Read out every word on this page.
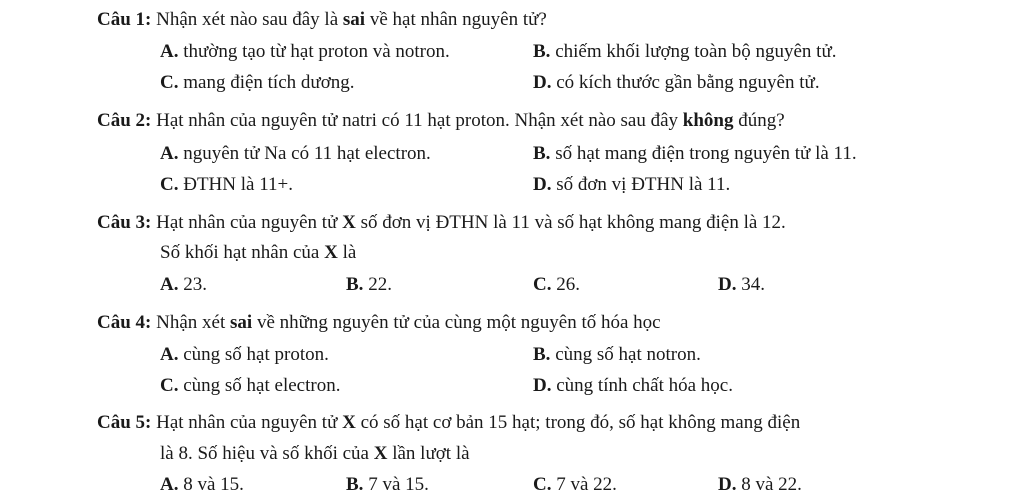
Câu 1: Nhận xét nào sau đây là sai về hạt nhân nguyên tử?
A. thường tạo từ hạt proton và notron.	B. chiếm khối lượng toàn bộ nguyên tử.
C. mang điện tích dương.	D. có kích thước gần bằng nguyên tử.
Câu 2: Hạt nhân của nguyên tử natri có 11 hạt proton. Nhận xét nào sau đây không đúng?
A. nguyên tử Na có 11 hạt electron.	B. số hạt mang điện trong nguyên tử là 11.
C. ĐTHN là 11+.	D. số đơn vị ĐTHN là 11.
Câu 3: Hạt nhân của nguyên tử X số đơn vị ĐTHN là 11 và số hạt không mang điện là 12.
Số khối hạt nhân của X là
A. 23.	B. 22.	C. 26.	D. 34.
Câu 4: Nhận xét sai về những nguyên tử của cùng một nguyên tố hóa học
A. cùng số hạt proton.	B. cùng số hạt notron.
C. cùng số hạt electron.	D. cùng tính chất hóa học.
Câu 5: Hạt nhân của nguyên tử X có số hạt cơ bản 15 hạt; trong đó, số hạt không mang điện
là 8. Số hiệu và số khối của X lần lượt là
A. 8 và 15.	B. 7 và 15.	C. 7 và 22.	D. 8 và 22.
